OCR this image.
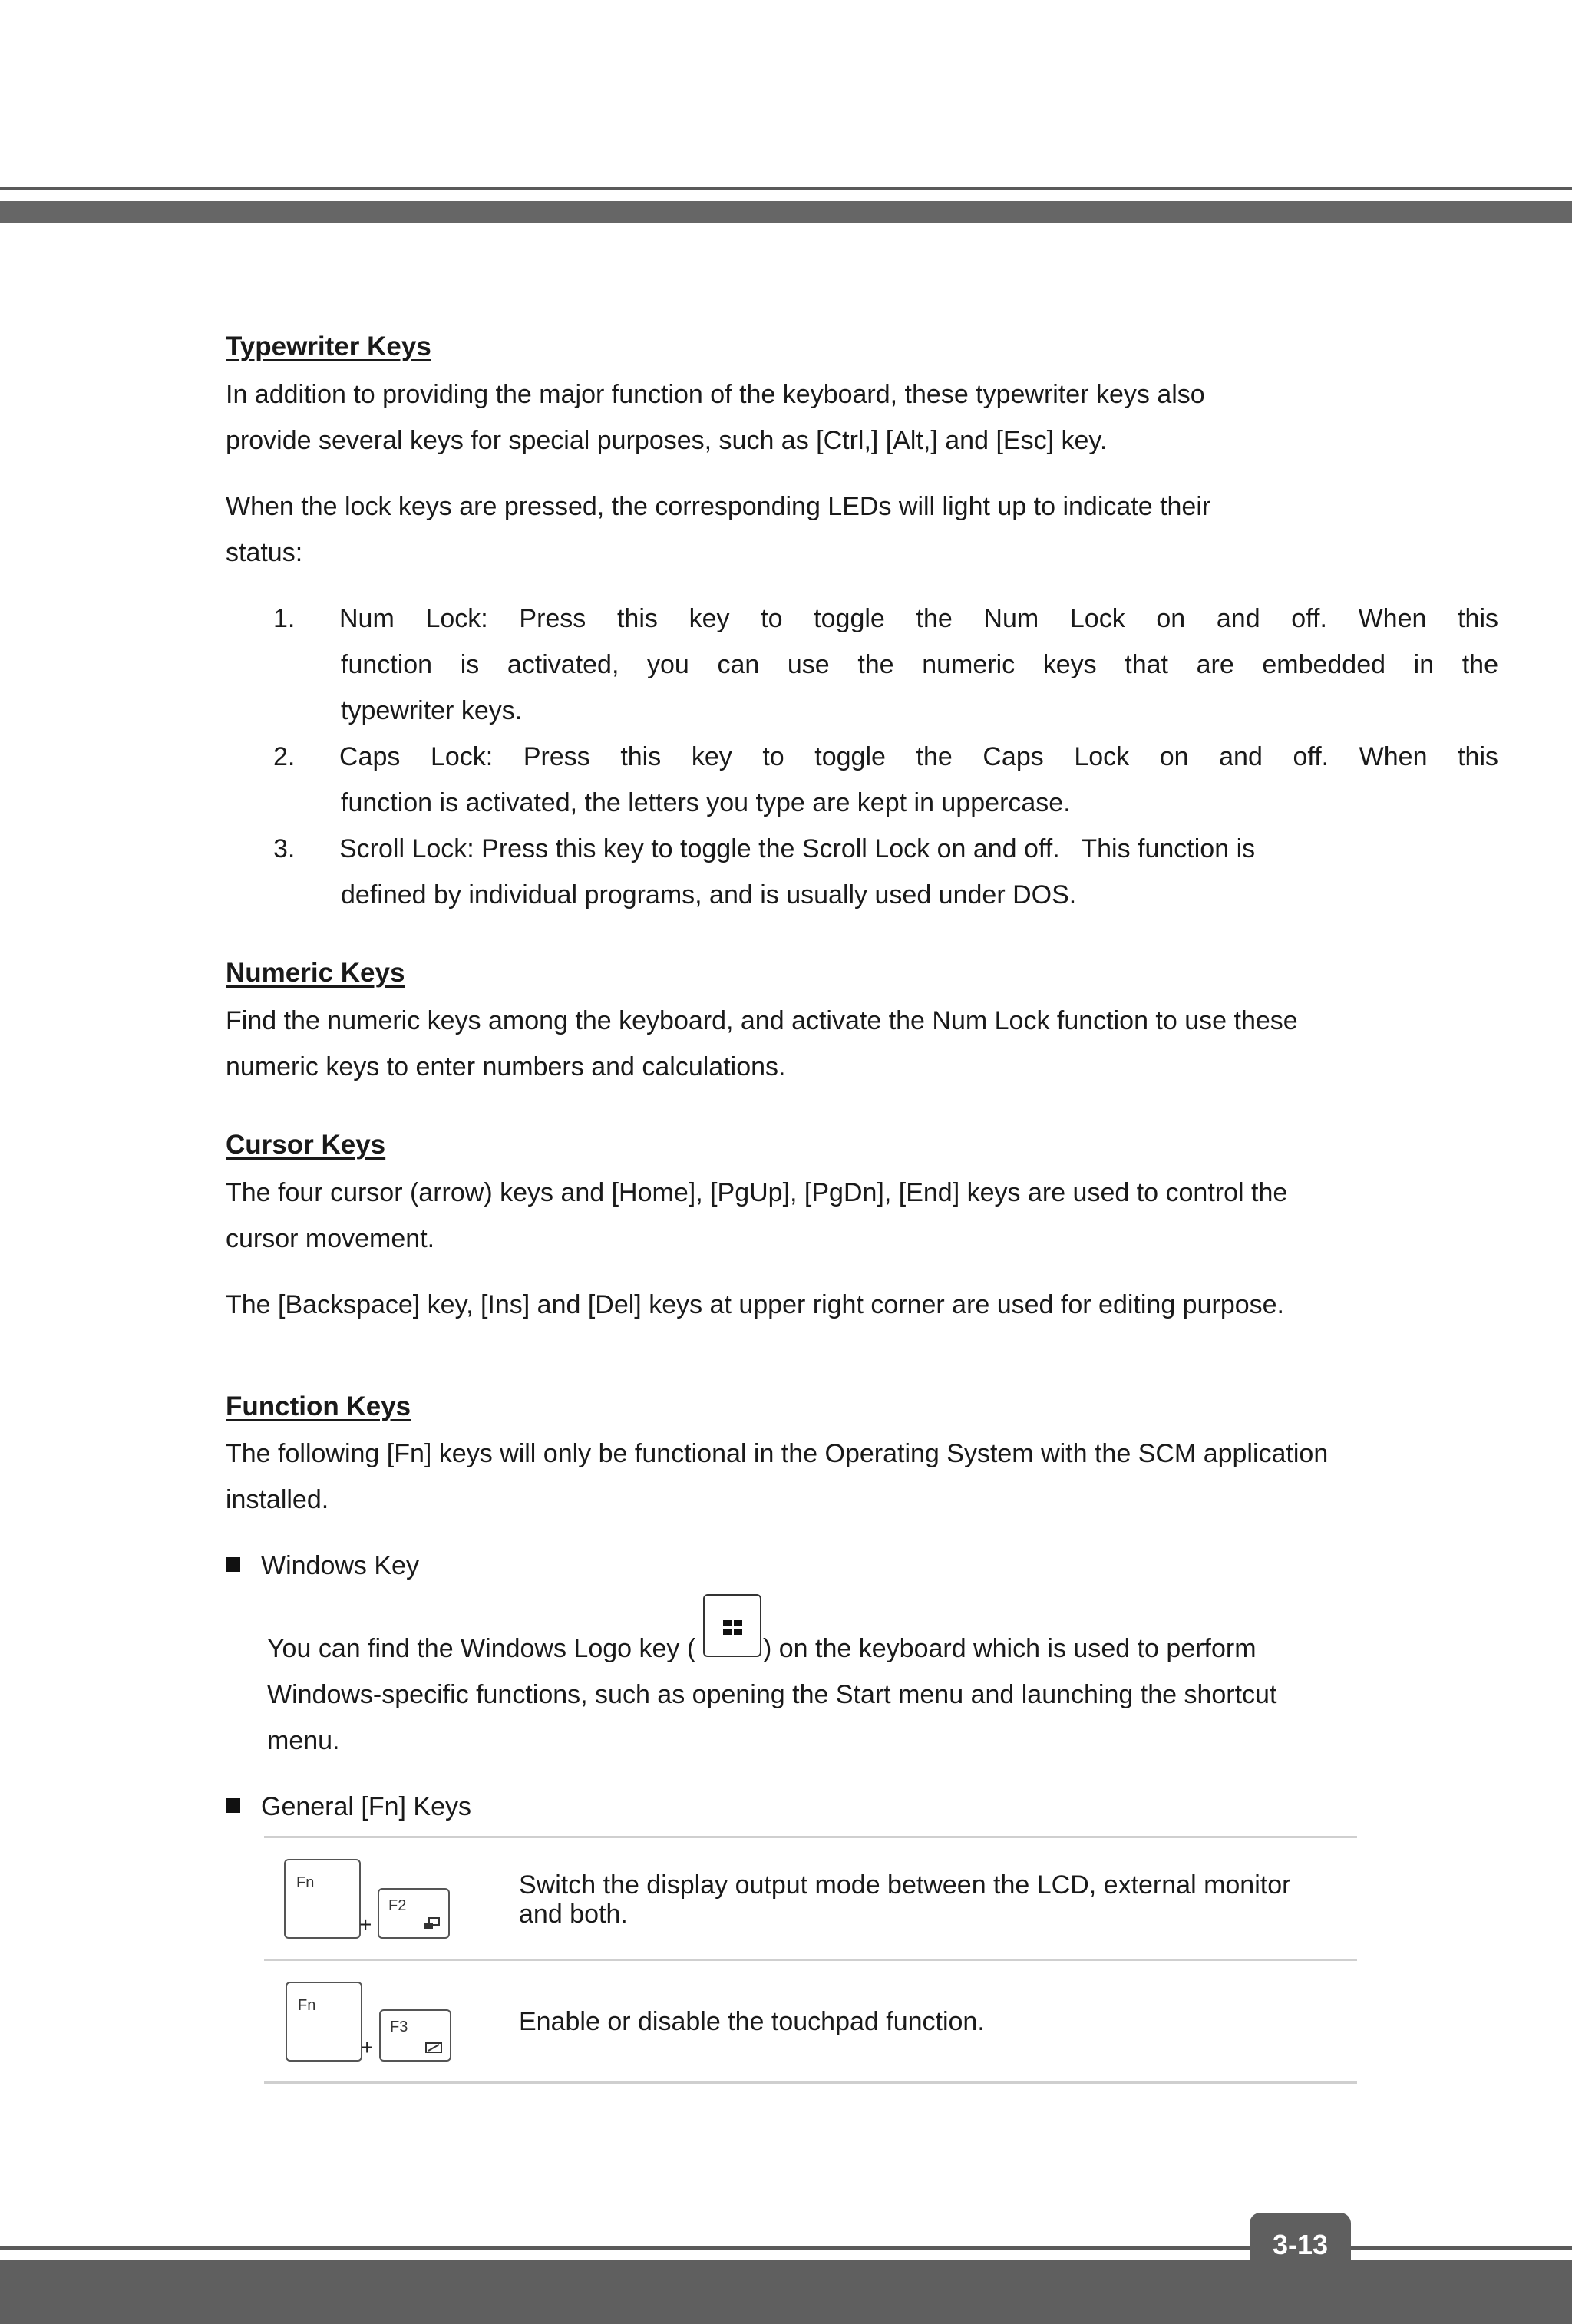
Typewriter Keys
In addition to providing the major function of the keyboard, these typewriter keys also
provide several keys for special purposes, such as [Ctrl,] [Alt,] and [Esc] key.
When the lock keys are pressed, the corresponding LEDs will light up to indicate their
status:
1. Num Lock: Press this key to toggle the Num Lock on and off. When this
function is activated, you can use the numeric keys that are embedded in the
typewriter keys.
2. Caps Lock: Press this key to toggle the Caps Lock on and off. When this
function is activated, the letters you type are kept in uppercase.
3. Scroll Lock: Press this key to toggle the Scroll Lock on and off.   This function is
defined by individual programs, and is usually used under DOS.
Numeric Keys
Find the numeric keys among the keyboard, and activate the Num Lock function to use these
numeric keys to enter numbers and calculations.
Cursor Keys
The four cursor (arrow) keys and [Home], [PgUp], [PgDn], [End] keys are used to control the
cursor movement.
The [Backspace] key, [Ins] and [Del] keys at upper right corner are used for editing purpose.
Function Keys
The following [Fn] keys will only be functional in the Operating System with the SCM application
installed.
Windows Key
You can find the Windows Logo key (	) on the keyboard which is used to perform
Windows-specific functions, such as opening the Start menu and launching the shortcut
menu.
General [Fn] Keys
Fn
+
F2
Switch the display output mode between the LCD, external monitor
and both.
Fn
+
F3	Enable or disable the touchpad function.
3-13
